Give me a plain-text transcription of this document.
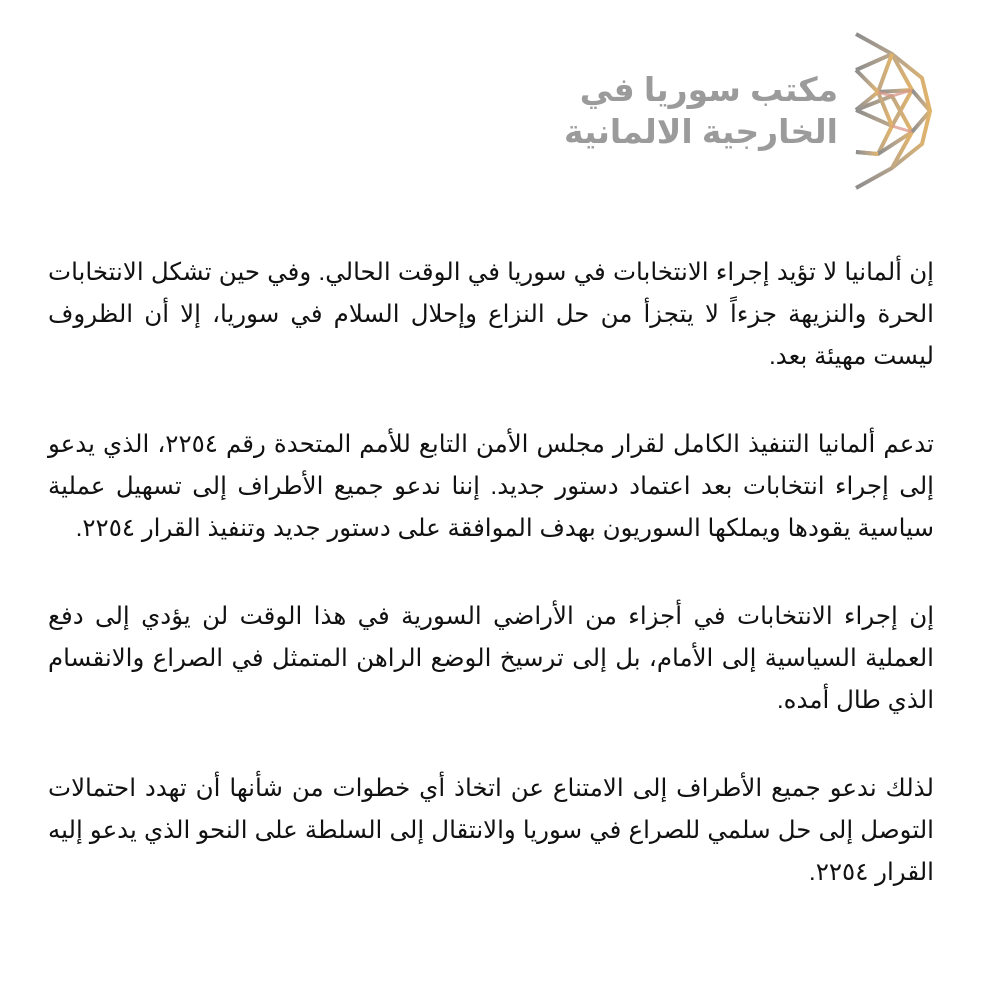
مكتب سوريا في
الخارجية الالمانية

إن ألمانيا لا تؤيد إجراء الانتخابات في سوريا في الوقت الحالي. وفي حين تشكل الانتخابات الحرة والنزيهة جزءاً لا يتجزأ من حل النزاع وإحلال السلام في سوريا، إلا أن الظروف ليست مهيئة بعد.

تدعم ألمانيا التنفيذ الكامل لقرار مجلس الأمن التابع للأمم المتحدة رقم ٢٢٥٤، الذي يدعو إلى إجراء انتخابات بعد اعتماد دستور جديد. إننا ندعو جميع الأطراف إلى تسهيل عملية سياسية يقودها ويملكها السوريون بهدف الموافقة على دستور جديد وتنفيذ القرار ٢٢٥٤.

إن إجراء الانتخابات في أجزاء من الأراضي السورية في هذا الوقت لن يؤدي إلى دفع العملية السياسية إلى الأمام، بل إلى ترسيخ الوضع الراهن المتمثل في الصراع والانقسام الذي طال أمده.

لذلك ندعو جميع الأطراف إلى الامتناع عن اتخاذ أي خطوات من شأنها أن تهدد احتمالات التوصل إلى حل سلمي للصراع في سوريا والانتقال إلى السلطة على النحو الذي يدعو إليه القرار ٢٢٥٤.
